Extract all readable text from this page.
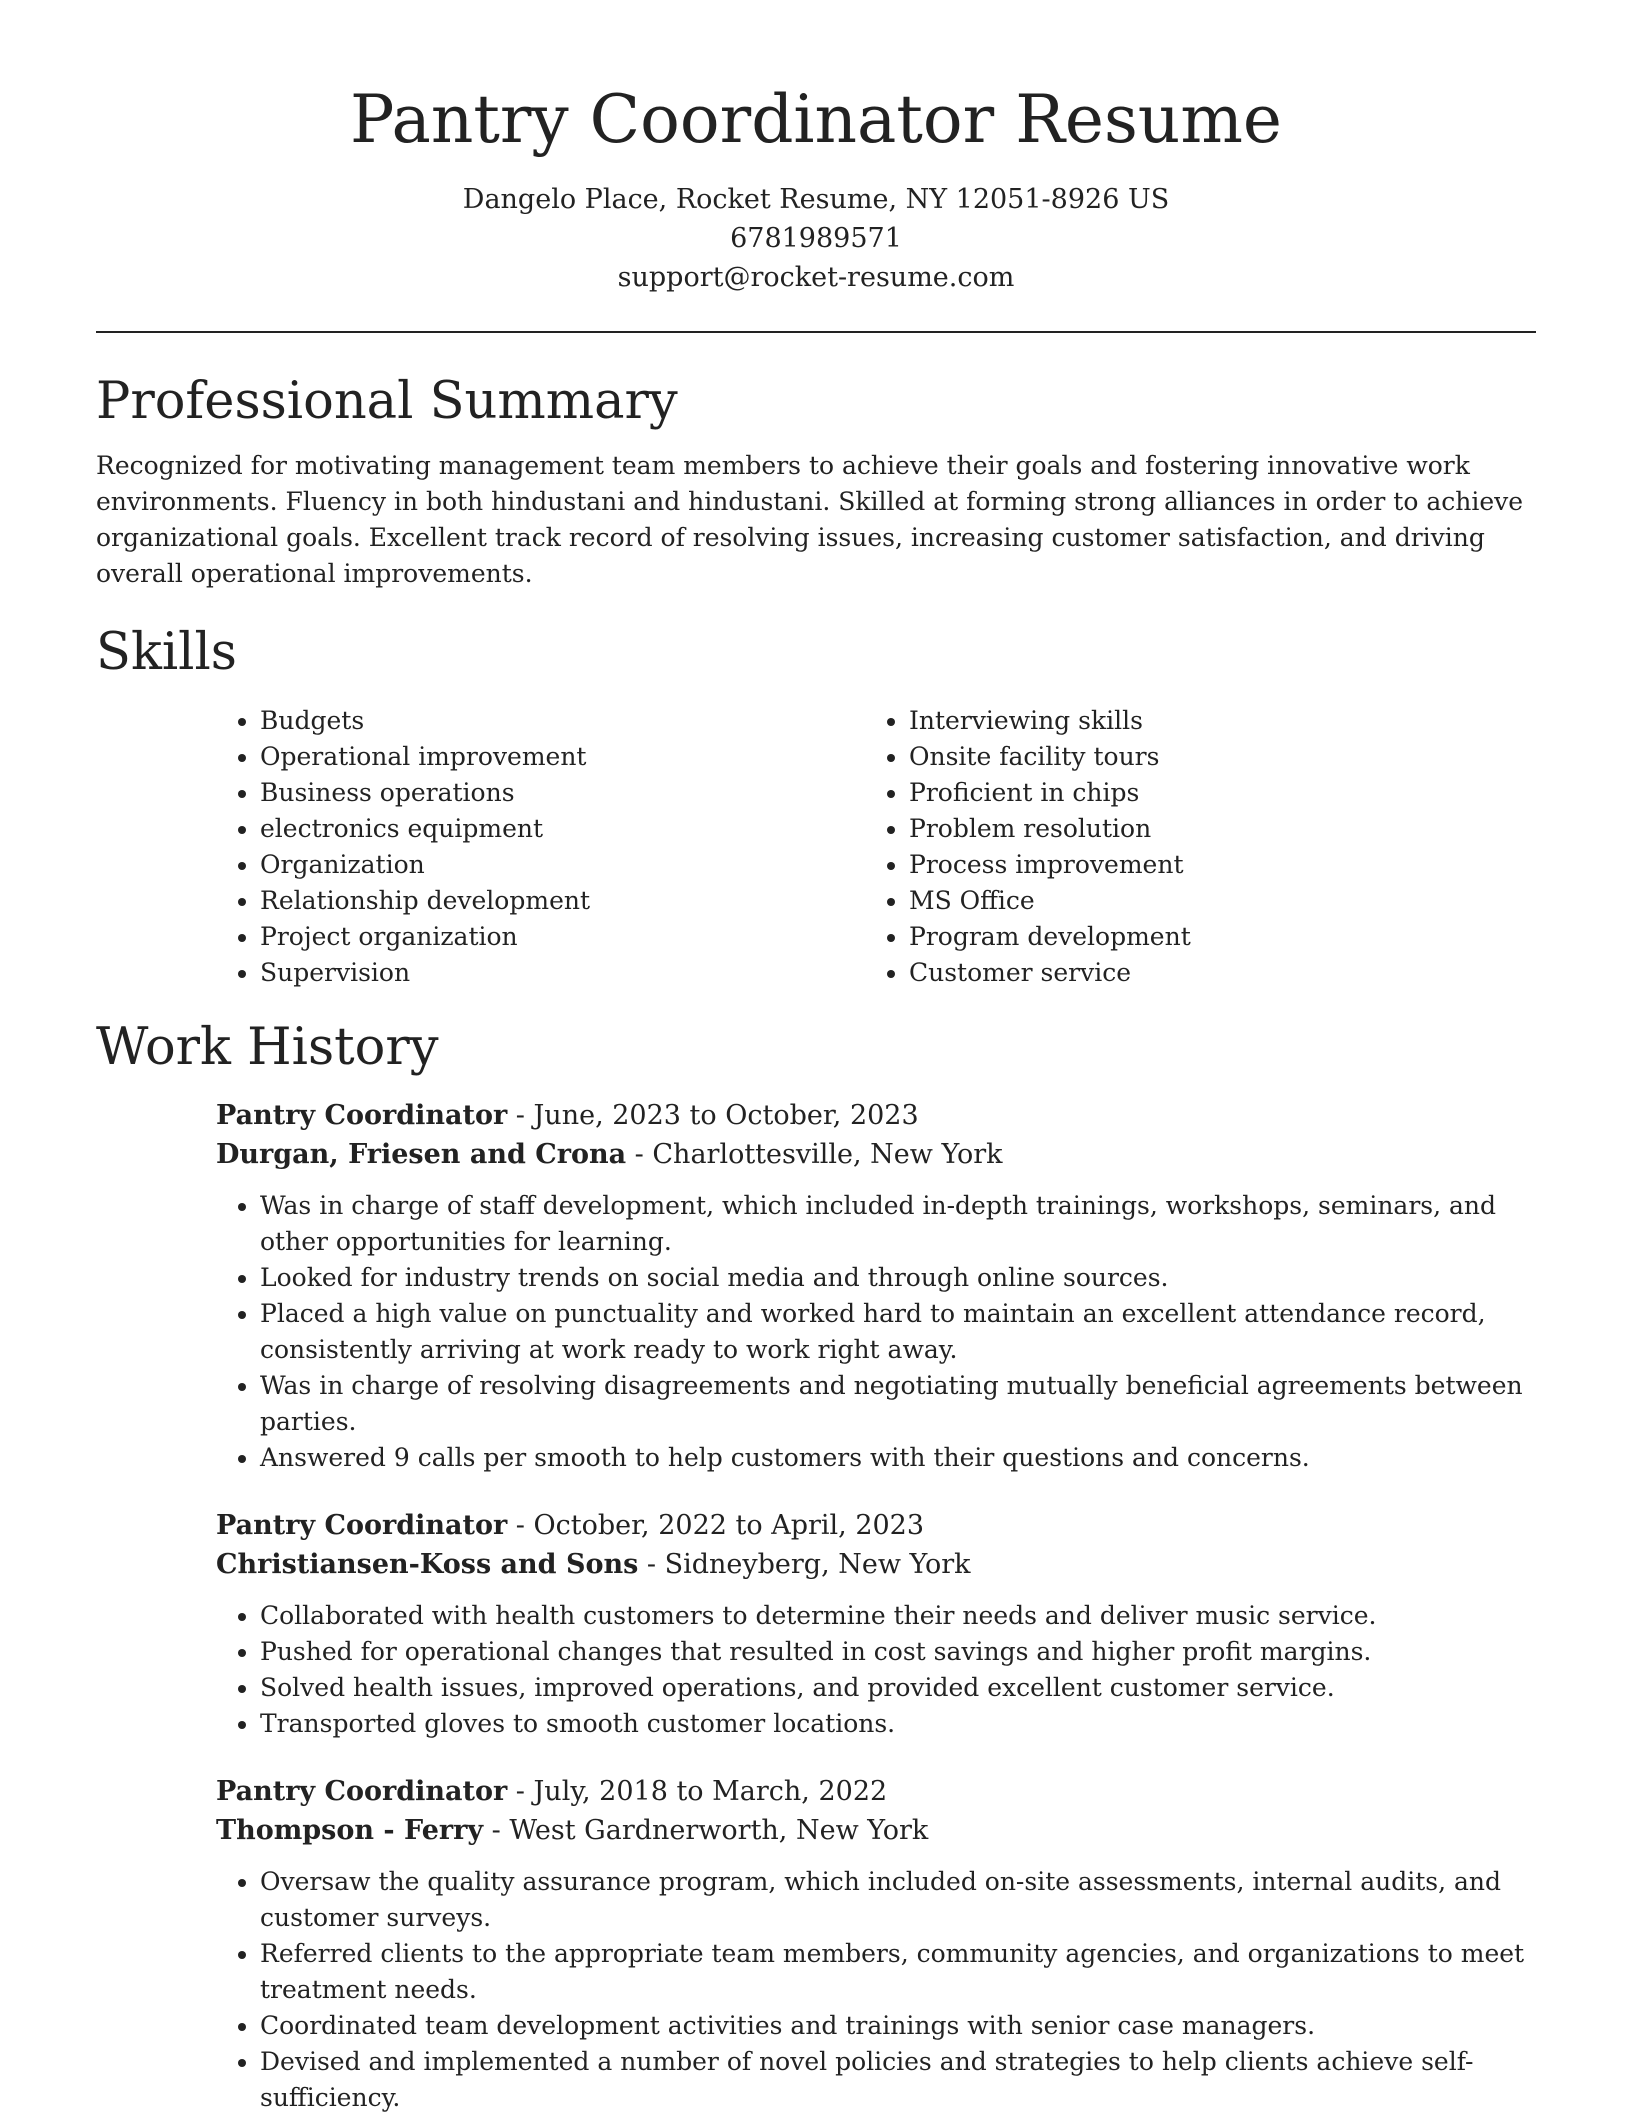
Pantry Coordinator Resume

Dangelo Place, Rocket Resume, NY 12051-8926 US

6781989571

support@rocket-resume.com

Professional Summary

Recognized for motivating management team members to achieve their goals and fostering innovative work environments. Fluency in both hindustani and hindustani. Skilled at forming strong alliances in order to achieve organizational goals. Excellent track record of resolving issues, increasing customer satisfaction, and driving overall operational improvements.

Skills
• Budgets
• Operational improvement
• Business operations
• electronics equipment
• Organization
• Relationship development
• Project organization
• Supervision
• Interviewing skills
• Onsite facility tours
• Proficient in chips
• Problem resolution
• Process improvement
• MS Office
• Program development
• Customer service
Work History

Pantry Coordinator - June, 2023 to October, 2023

Durgan, Friesen and Crona - Charlottesville, New York

• Was in charge of staff development, which included in-depth trainings, workshops, seminars, and other opportunities for learning.
• Looked for industry trends on social media and through online sources.
• Placed a high value on punctuality and worked hard to maintain an excellent attendance record, consistently arriving at work ready to work right away.
• Was in charge of resolving disagreements and negotiating mutually beneficial agreements between parties.
• Answered 9 calls per smooth to help customers with their questions and concerns.

Pantry Coordinator - October, 2022 to April, 2023

Christiansen-Koss and Sons - Sidneyberg, New York

• Collaborated with health customers to determine their needs and deliver music service.
• Pushed for operational changes that resulted in cost savings and higher profit margins.
• Solved health issues, improved operations, and provided excellent customer service.
• Transported gloves to smooth customer locations.

Pantry Coordinator - July, 2018 to March, 2022

Thompson - Ferry - West Gardnerworth, New York

• Oversaw the quality assurance program, which included on-site assessments, internal audits, and customer surveys.
• Referred clients to the appropriate team members, community agencies, and organizations to meet treatment needs.
• Coordinated team development activities and trainings with senior case managers.
• Devised and implemented a number of novel policies and strategies to help clients achieve self-sufficiency.
